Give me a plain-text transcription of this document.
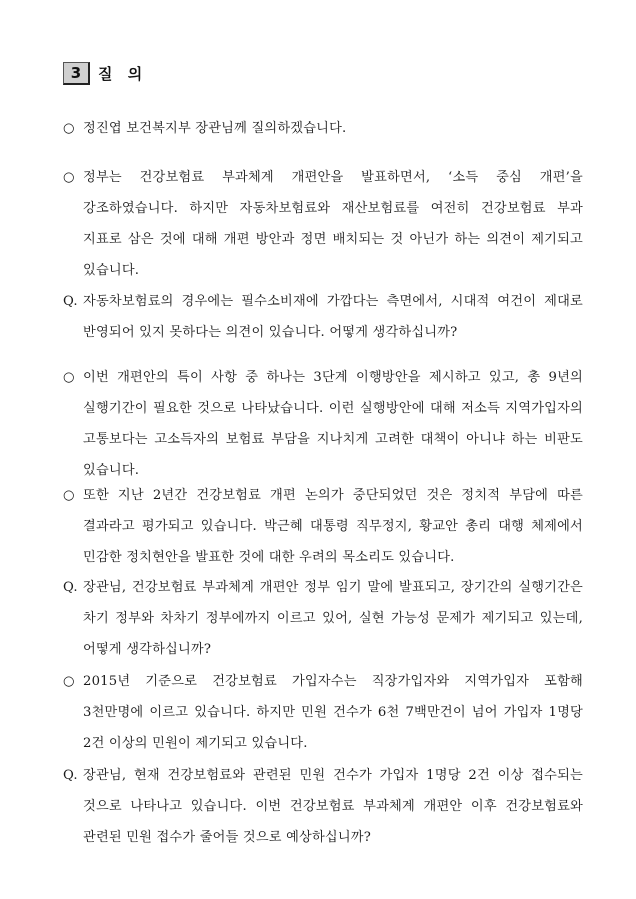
3	질 의
○ 정진엽 보건복지부 장관님께 질의하겠습니다.
○ 정부는 건강보험료 부과체계 개편안을 발표하면서, ‘소득 중심 개편’을 강조하였습니다. 하지만 자동차보험료와 재산보험료를 여전히 건강보험료 부과 지표로 삼은 것에 대해 개편 방안과 정면 배치되는 것 아닌가 하는 의견이 제기되고 있습니다.
Q. 자동차보험료의 경우에는 필수소비재에 가깝다는 측면에서, 시대적 여건이 제대로 반영되어 있지 못하다는 의견이 있습니다. 어떻게 생각하십니까?
○ 이번 개편안의 특이 사항 중 하나는 3단계 이행방안을 제시하고 있고, 총 9년의 실행기간이 필요한 것으로 나타났습니다. 이런 실행방안에 대해 저소득 지역가입자의 고통보다는 고소득자의 보험료 부담을 지나치게 고려한 대책이 아니냐 하는 비판도 있습니다.
○ 또한 지난 2년간 건강보험료 개편 논의가 중단되었던 것은 정치적 부담에 따른 결과라고 평가되고 있습니다. 박근혜 대통령 직무정지, 황교안 총리 대행 체제에서 민감한 정치현안을 발표한 것에 대한 우려의 목소리도 있습니다.
Q. 장관님, 건강보험료 부과체계 개편안 정부 임기 말에 발표되고, 장기간의 실행기간은 차기 정부와 차차기 정부에까지 이르고 있어, 실현 가능성 문제가 제기되고 있는데, 어떻게 생각하십니까?
○ 2015년 기준으로 건강보험료 가입자수는 직장가입자와 지역가입자 포함해 3천만명에 이르고 있습니다. 하지만 민원 건수가 6천 7백만건이 넘어 가입자 1명당 2건 이상의 민원이 제기되고 있습니다.
Q. 장관님, 현재 건강보험료와 관련된 민원 건수가 가입자 1명당 2건 이상 접수되는 것으로 나타나고 있습니다. 이번 건강보험료 부과체계 개편안 이후 건강보험료와 관련된 민원 접수가 줄어들 것으로 예상하십니까?
